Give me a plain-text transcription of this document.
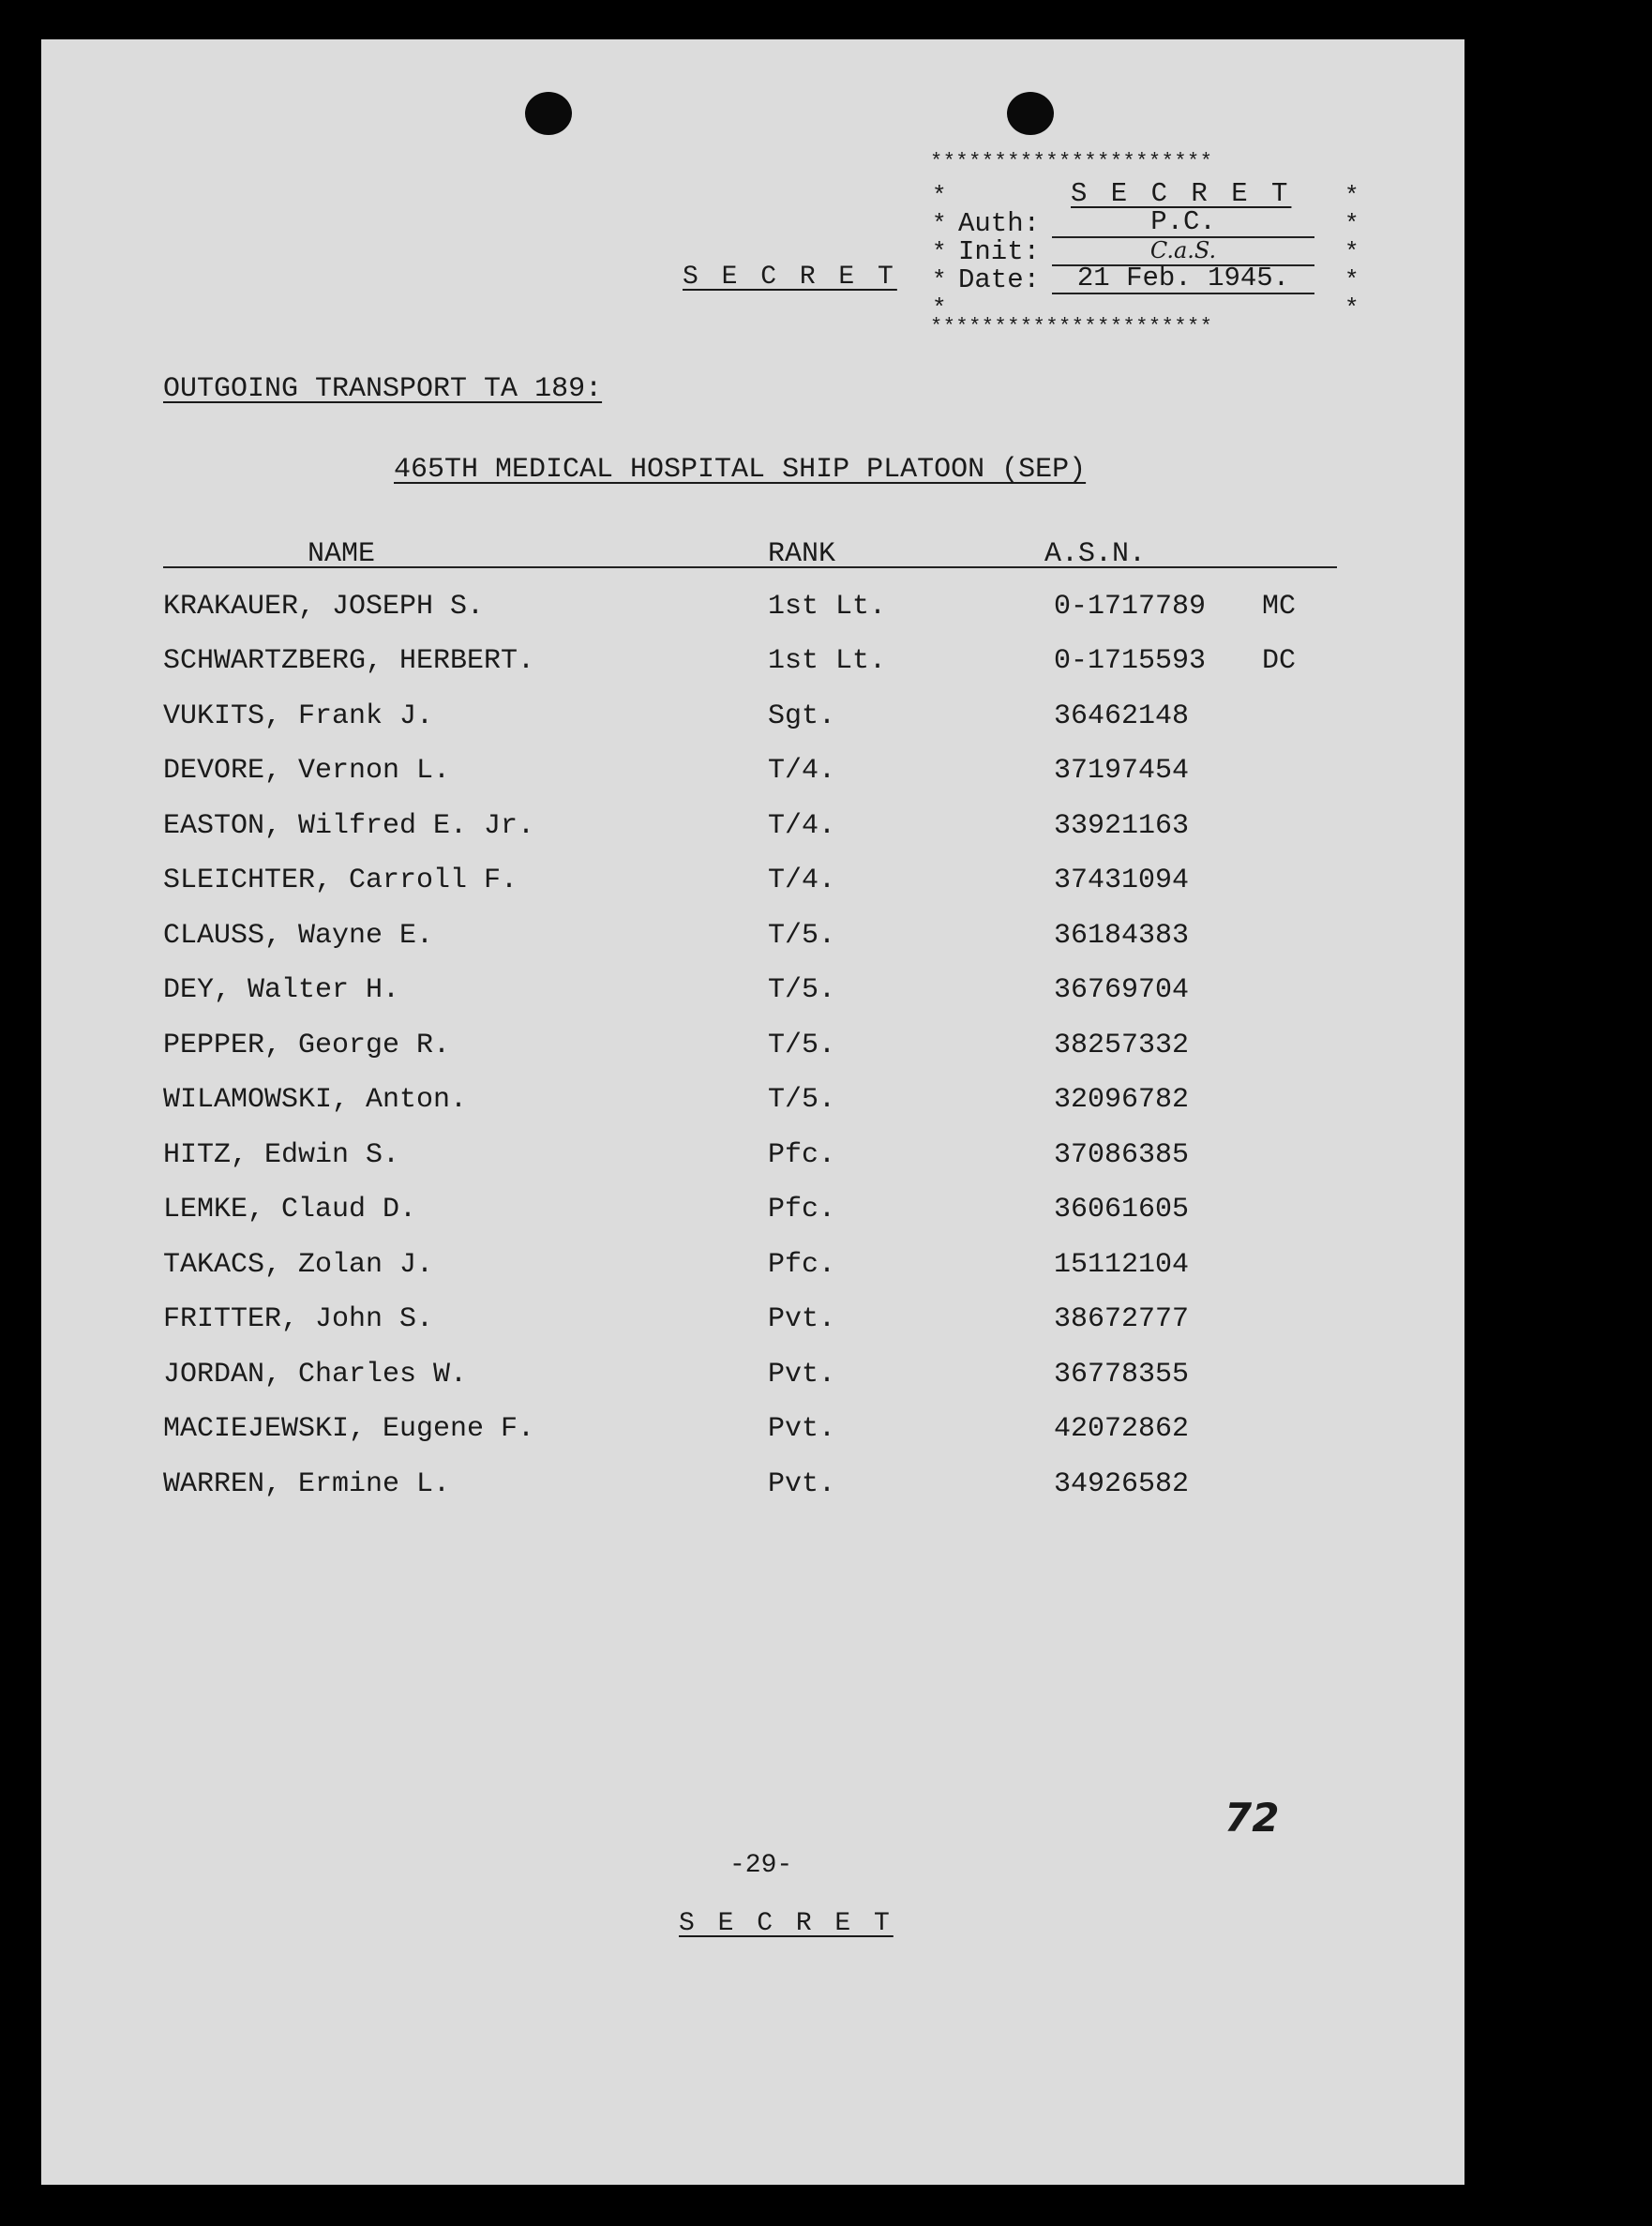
S E C R E T
**********************
*
*
*
*
*
*
*
*
*
*
S E C R E T
Auth:	P.C.
Init:	C.a.S.
Date:	21 Feb. 1945.
**********************
OUTGOING TRANSPORT TA 189:
465TH MEDICAL HOSPITAL SHIP PLATOON (SEP)
NAME	RANK	A.S.N.
KRAKAUER, JOSEPH S.	1st Lt.	0-1717789 MC
SCHWARTZBERG, HERBERT.	1st Lt.	0-1715593 DC
VUKITS, Frank J.	Sgt.	36462148
DEVORE, Vernon L.	T/4.	37197454
EASTON, Wilfred E. Jr.	T/4.	33921163
SLEICHTER, Carroll F.	T/4.	37431094
CLAUSS, Wayne E.	T/5.	36184383
DEY, Walter H.	T/5.	36769704
PEPPER, George R.	T/5.	38257332
WILAMOWSKI, Anton.	T/5.	32096782
HITZ, Edwin S.	Pfc.	37086385
LEMKE, Claud D.	Pfc.	36061605
TAKACS, Zolan J.	Pfc.	15112104
FRITTER, John S.	Pvt.	38672777
JORDAN, Charles W.	Pvt.	36778355
MACIEJEWSKI, Eugene F.	Pvt.	42072862
WARREN, Ermine L.	Pvt.	34926582
72
-29-
S E C R E T
